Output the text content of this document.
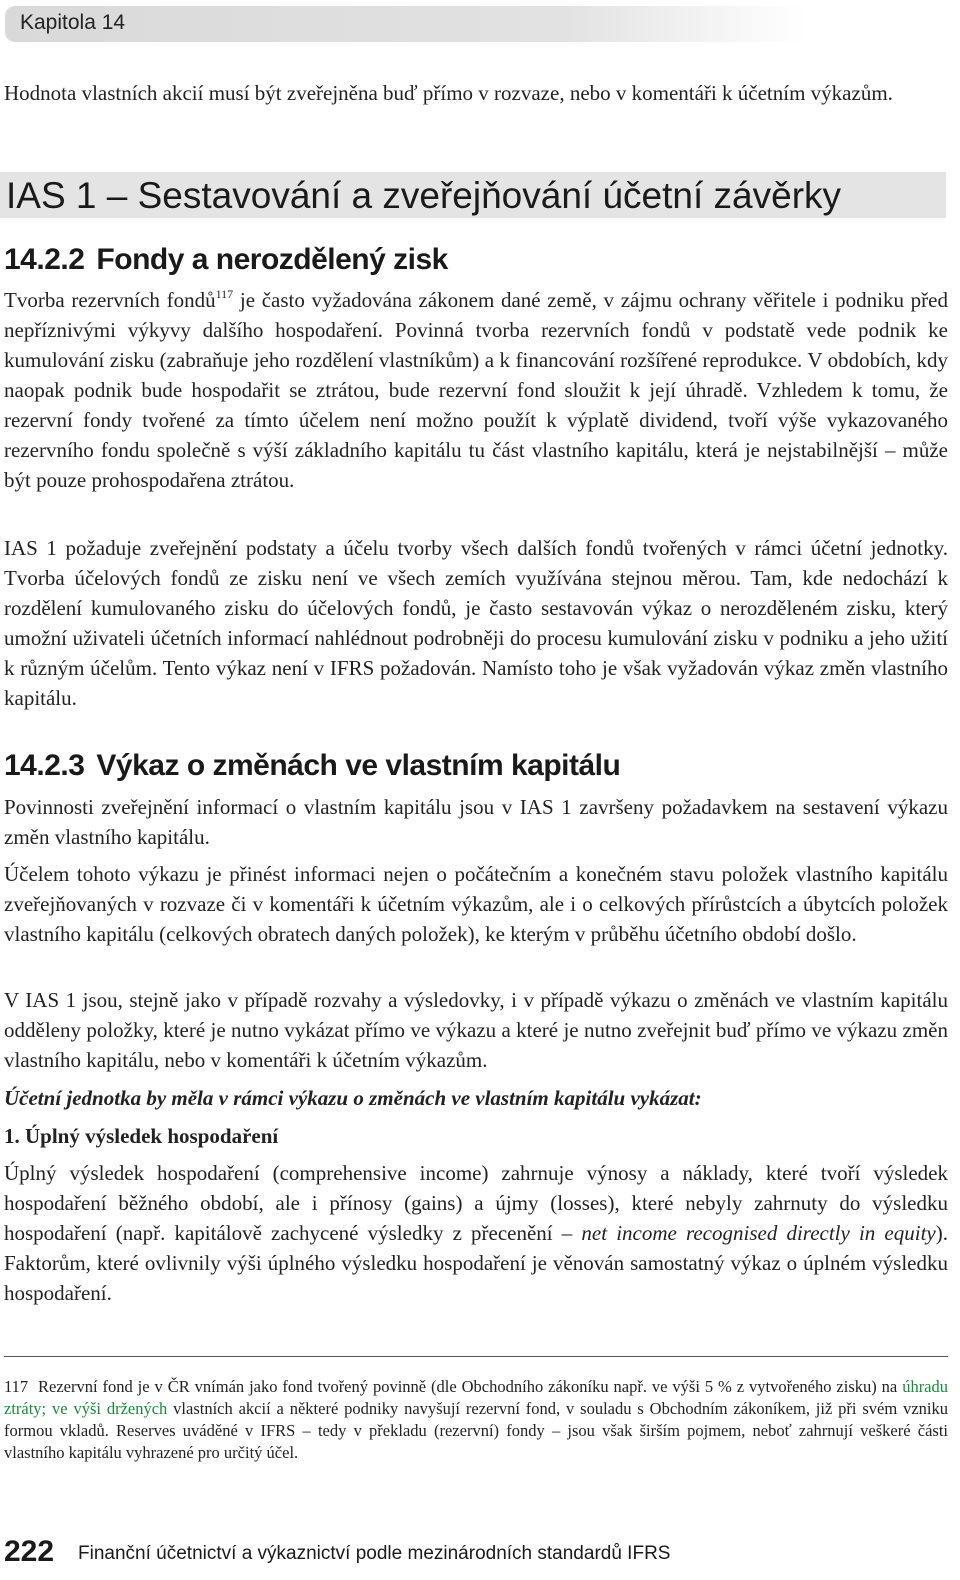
Kapitola 14

Hodnota vlastních akcií musí být zveřejněna buď přímo v rozvaze, nebo v komentáři k účetním výkazům.

IAS 1 – Sestavování a zveřejňování účetní závěrky
14.2.2 Fondy a nerozdělený zisk

Tvorba rezervních fondů$^{117}$ je často vyžadována zákonem dané země, v zájmu ochrany věřitele i podniku před nepříznivými výkyvy dalšího hospodaření. Povinná tvorba rezervních fondů v podstatě vede podnik ke kumulování zisku (zabraňuje jeho rozdělení vlastníkům) a k financování rozšířené reprodukce. V obdobích, kdy naopak podnik bude hospodařit se ztrátou, bude rezervní fond sloužit k její úhradě. Vzhledem k tomu, že rezervní fondy tvořené za tímto účelem není možno použít k výplatě dividend, tvoří výše vykazovaného rezervního fondu společně s výší základního kapitálu tu část vlastního kapitálu, která je nejstabilnější – může být pouze prohospodařena ztrátou.

IAS 1 požaduje zveřejnění podstaty a účelu tvorby všech dalších fondů tvořených v rámci účetní jednotky. Tvorba účelových fondů ze zisku není ve všech zemích využívána stejnou měrou. Tam, kde nedochází k rozdělení kumulovaného zisku do účelových fondů, je často sestavován výkaz o nerozděleném zisku, který umožní uživateli účetních informací nahlédnout podrobněji do procesu kumulování zisku v podniku a jeho užití k různým účelům. Tento výkaz není v IFRS požadován. Namísto toho je však vyžadován výkaz změn vlastního kapitálu.

14.2.3 Výkaz o změnách ve vlastním kapitálu

Povinnosti zveřejnění informací o vlastním kapitálu jsou v IAS 1 završeny požadavkem na sestavení výkazu změn vlastního kapitálu.

Účelem tohoto výkazu je přinést informaci nejen o počátečním a konečném stavu položek vlastního kapitálu zveřejňovaných v rozvaze či v komentáři k účetním výkazům, ale i o celkových přírůstcích a úbytcích položek vlastního kapitálu (celkových obratech daných položek), ke kterým v průběhu účetního období došlo.

V IAS 1 jsou, stejně jako v případě rozvahy a výsledovky, i v případě výkazu o změnách ve vlastním kapitálu odděleny položky, které je nutno vykázat přímo ve výkazu a které je nutno zveřejnit buď přímo ve výkazu změn vlastního kapitálu, nebo v komentáři k účetním výkazům.

Účetní jednotka by měla v rámci výkazu o změnách ve vlastním kapitálu vykázat:

1. Úplný výsledek hospodaření

Úplný výsledek hospodaření (comprehensive income) zahrnuje výnosy a náklady, které tvoří výsledek hospodaření běžného období, ale i přínosy (gains) a újmy (losses), které nebyly zahrnuty do výsledku hospodaření (např. kapitálově zachycené výsledky z přecenění – net income recognised directly in equity). Faktorům, které ovlivnily výši úplného výsledku hospodaření je věnován samostatný výkaz o úplném výsledku hospodaření.

117 Rezervní fond je v ČR vnímán jako fond tvořený povinně (dle Obchodního zákoníku např. ve výši 5 % z vytvořeného zisku) na úhradu ztráty; ve výši držených vlastních akcií a některé podniky navyšují rezervní fond, v souladu s Obchodním zákoníkem, již při svém vzniku formou vkladů. Reserves uváděné v IFRS – tedy v překladu (rezervní) fondy – jsou však širším pojmem, neboť zahrnují veškeré části vlastního kapitálu vyhrazené pro určitý účel.

222 Finanční účetnictví a výkaznictví podle mezinárodních standardů IFRS
